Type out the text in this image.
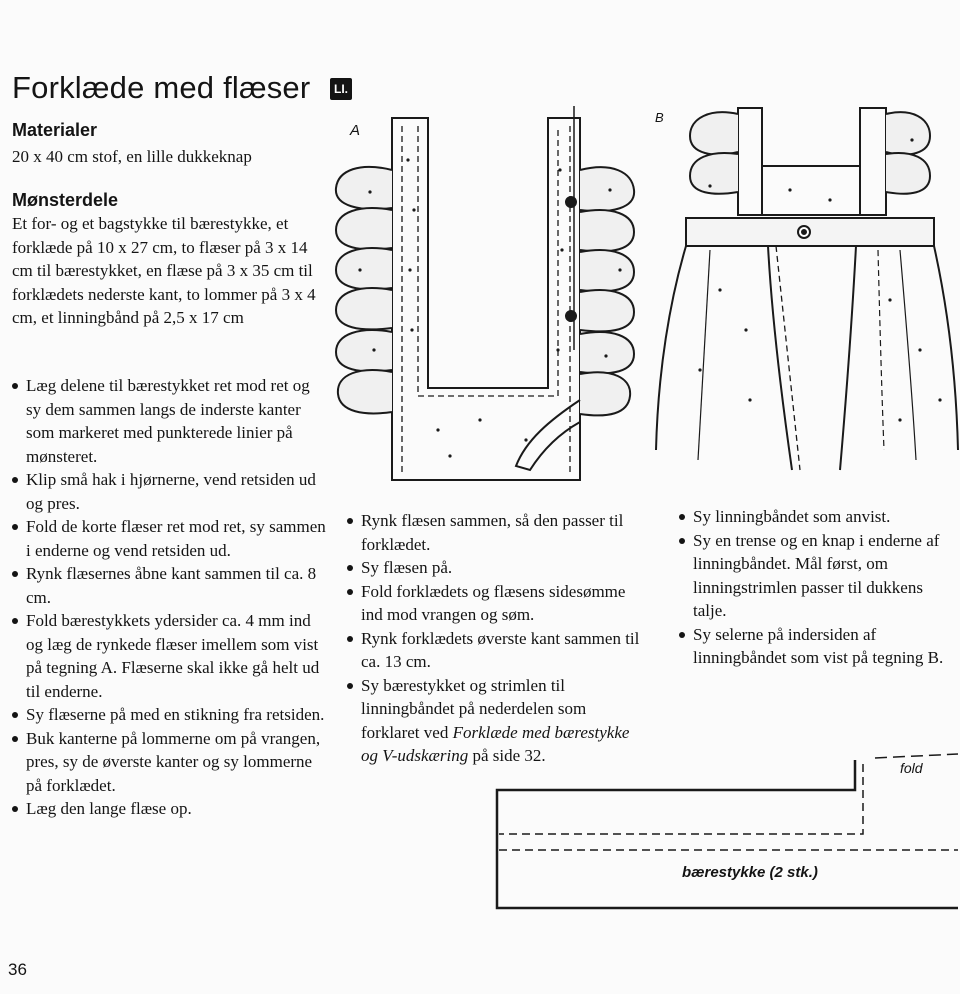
Forklæde med flæser	LI.
Materialer

20 x 40 cm stof, en lille dukkeknap

Mønsterdele

Et for- og et bagstykke til bærestykke, et forklæde på 10 x 27 cm, to flæser på 3 x 14 cm til bærestykket, en flæse på 3 x 35 cm til forklædets nederste kant, to lommer på 3 x 4 cm, et linningbånd på 2,5 x 17 cm

Læg delene til bærestykket ret mod ret og sy dem sammen langs de inderste kanter som markeret med punkterede linier på mønsteret.
Klip små hak i hjørnerne, vend retsiden ud og pres.
Fold de korte flæser ret mod ret, sy sammen i enderne og vend retsiden ud.
Rynk flæsernes åbne kant sammen til ca. 8 cm.
Fold bærestykkets ydersider ca. 4 mm ind og læg de rynkede flæser imellem som vist på tegning A. Flæserne skal ikke gå helt ud til enderne.
Sy flæserne på med en stikning fra retsiden.
Buk kanterne på lommerne om på vrangen, pres, sy de øverste kanter og sy lommerne på forklædet.
Læg den lange flæse op.
Rynk flæsen sammen, så den passer til forklædet.
Sy flæsen på.
Fold forklædets og flæsens sidesømme ind mod vrangen og søm.
Rynk forklædets øverste kant sammen til ca. 13 cm.
Sy bærestykket og strimlen til linningbåndet på nederdelen som forklaret ved Forklæde med bærestykke og V-udskæring på side 32.
Sy linningbåndet som anvist.
Sy en trense og en knap i enderne af linningbåndet. Mål først, om linningstrimlen passer til dukkens talje.
Sy selerne på indersiden af linningbåndet som vist på tegning B.
A
B
fold
bærestykke (2 stk.)
36
